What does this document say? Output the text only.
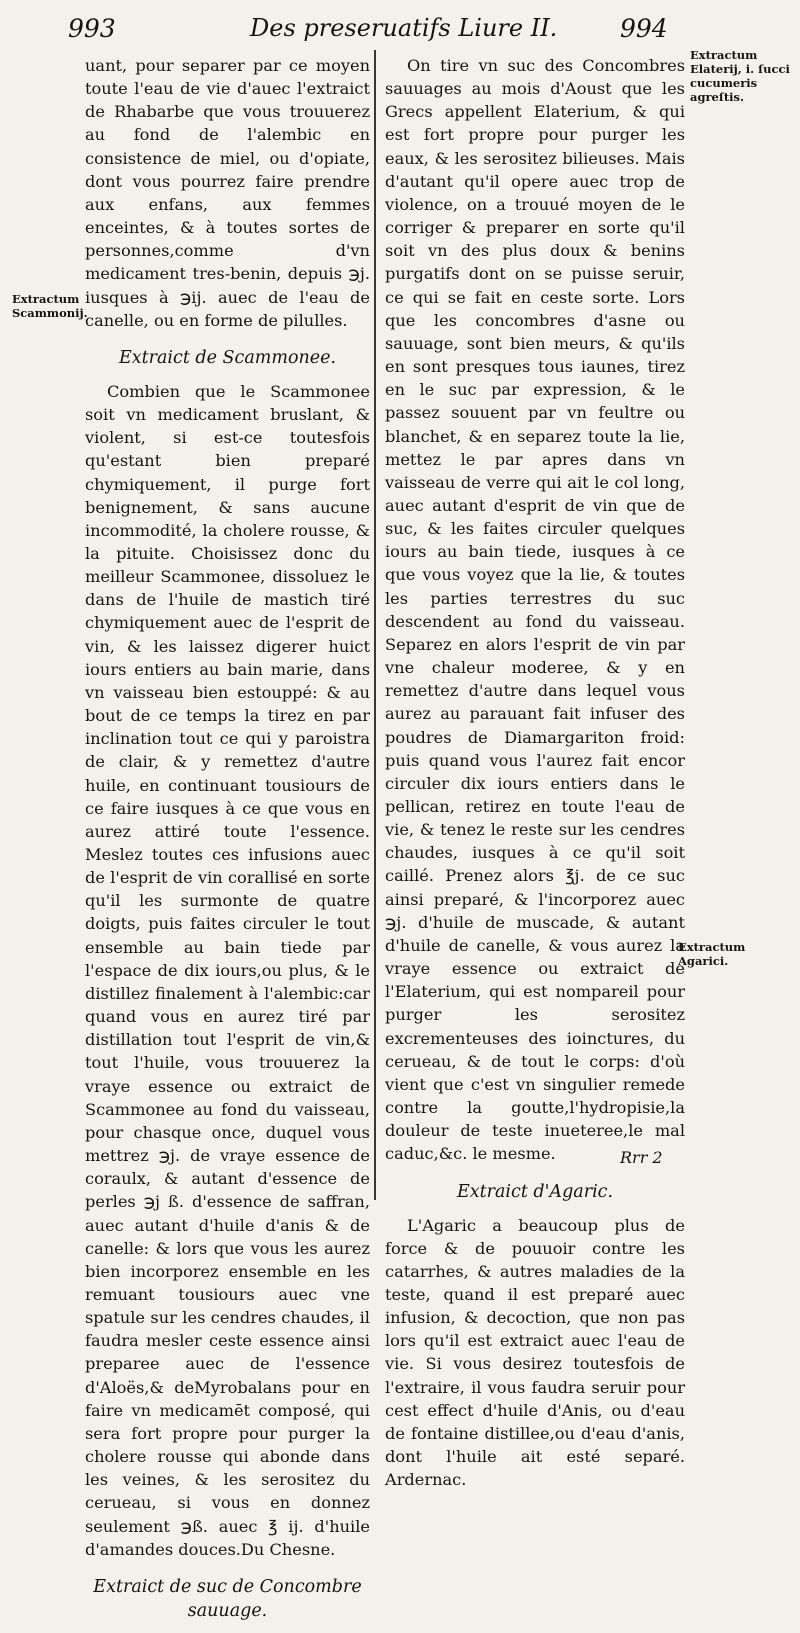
993	Des preseruatifs Liure II.	994
Extractum Elaterij, i. ſucci cucumeris agreſtis.
Extractum Scammonij.
Extractum Agarici.

uant, pour separer par ce moyen toute l'eau de vie d'auec l'extraict de Rhabarbe que vous trouuerez au fond de l'alembic en consistence de miel, ou d'opiate, dont vous pourrez faire prendre aux enfans, aux femmes enceintes, & à toutes sortes de personnes,comme d'vn medicament tres-benin, depuis ℈j. iusques à ℈ij. auec de l'eau de canelle, ou en forme de pilulles.

Extraict de Scammonee.

Combien que le Scammonee soit vn medicament bruslant, & violent, si est-ce toutesfois qu'estant bien preparé chymiquement, il purge fort benignement, & sans aucune incommodité, la cholere rousse, & la pituite. Choisissez donc du meilleur Scammonee, dissoluez le dans de l'huile de mastich tiré chymiquement auec de l'esprit de vin, & les laissez digerer huict iours entiers au bain marie, dans vn vaisseau bien estouppé: & au bout de ce temps la tirez en par inclination tout ce qui y paroistra de clair, & y remettez d'autre huile, en continuant tousiours de ce faire iusques à ce que vous en aurez attiré toute l'essence. Meslez toutes ces infusions auec de l'esprit de vin corallisé en sorte qu'il les surmonte de quatre doigts, puis faites circuler le tout ensemble au bain tiede par l'espace de dix iours,ou plus, & le distillez finalement à l'alembic:car quand vous en aurez tiré par distillation tout l'esprit de vin,& tout l'huile, vous trouuerez la vraye essence ou extraict de Scammonee au fond du vaisseau, pour chasque once, duquel vous mettrez ℈j. de vraye essence de coraulx, & autant d'essence de perles ℈j ß. d'essence de saffran, auec autant d'huile d'anis & de canelle: & lors que vous les aurez bien incorporez ensemble en les remuant tousiours auec vne spatule sur les cendres chaudes, il faudra mesler ceste essence ainsi preparee auec de l'essence d'Aloës,& deMyrobalans pour en faire vn medicamēt composé, qui sera fort propre pour purger la cholere rousse qui abonde dans les veines, & les serositez du cerueau, si vous en donnez seulement ℈ß. auec ℥ ij. d'huile d'amandes douces.Du Chesne.

Extraict de suc de Concombre sauuage.

On tire vn suc des Concombres sauuages au mois d'Aoust que les Grecs appellent Elaterium, & qui est fort propre pour purger les eaux, & les serositez bilieuses. Mais d'autant qu'il opere auec trop de violence, on a trouué moyen de le corriger & preparer en sorte qu'il soit vn des plus doux & benins purgatifs dont on se puisse seruir, ce qui se fait en ceste sorte. Lors que les concombres d'asne ou sauuage, sont bien meurs, & qu'ils en sont presques tous iaunes, tirez en le suc par expression, & le passez souuent par vn feultre ou blanchet, & en separez toute la lie, mettez le par apres dans vn vaisseau de verre qui ait le col long, auec autant d'esprit de vin que de suc, & les faites circuler quelques iours au bain tiede, iusques à ce que vous voyez que la lie, & toutes les parties terrestres du suc descendent au fond du vaisseau. Separez en alors l'esprit de vin par vne chaleur moderee, & y en remettez d'autre dans lequel vous aurez au parauant fait infuser des poudres de Diamargariton froid: puis quand vous l'aurez fait encor circuler dix iours entiers dans le pellican, retirez en toute l'eau de vie, & tenez le reste sur les cendres chaudes, iusques à ce qu'il soit caillé. Prenez alors ℥j. de ce suc ainsi preparé, & l'incorporez auec ℈j. d'huile de muscade, & autant d'huile de canelle, & vous aurez la vraye essence ou extraict de l'Elaterium, qui est nompareil pour purger les serositez excrementeuses des ioinctures, du cerueau, & de tout le corps: d'où vient que c'est vn singulier remede contre la goutte,l'hydropisie,la douleur de teste inueteree,le mal caduc,&c. le mesme.

Extraict d'Agaric.

L'Agaric a beaucoup plus de force & de pouuoir contre les catarrhes, & autres maladies de la teste, quand il est preparé auec infusion, & decoction, que non pas lors qu'il est extraict auec l'eau de vie. Si vous desirez toutesfois de l'extraire, il vous faudra seruir pour cest effect d'huile d'Anis, ou d'eau de fontaine distillee,ou d'eau d'anis, dont l'huile ait esté separé. Ardernac.

Rrr 2
